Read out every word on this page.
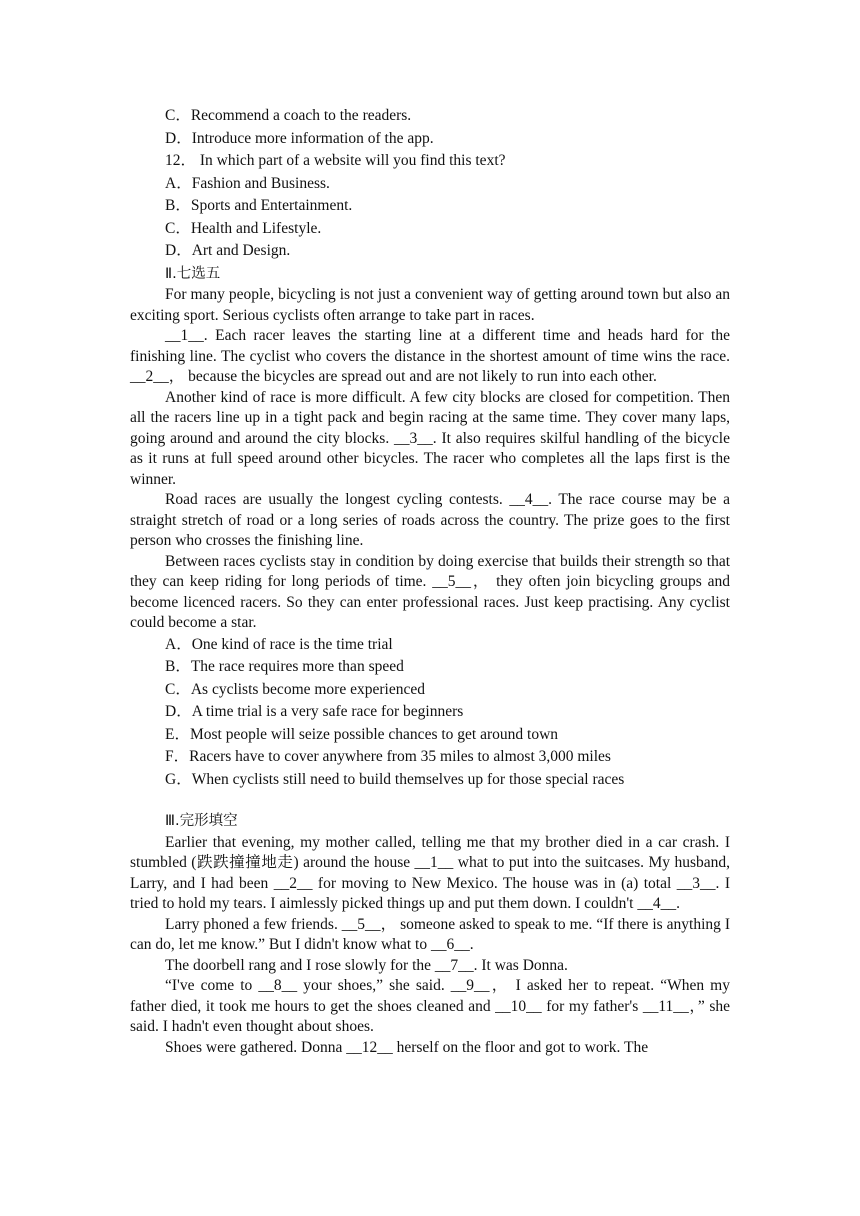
C．Recommend a coach to the readers.
D．Introduce more information of the app.
12． In which part of a website will you find this text?
A．Fashion and Business.
B．Sports and Entertainment.
C．Health and Lifestyle.
D．Art and Design.
Ⅱ.七选五

For many people, bicycling is not just a convenient way of getting around town but also an exciting sport. Serious cyclists often arrange to take part in races.

__1__. Each racer leaves the starting line at a different time and heads hard for the finishing line. The cyclist who covers the distance in the shortest amount of time wins the race. __2__， because the bicycles are spread out and are not likely to run into each other.

Another kind of race is more difficult. A few city blocks are closed for competition. Then all the racers line up in a tight pack and begin racing at the same time. They cover many laps, going around and around the city blocks. __3__. It also requires skilful handling of the bicycle as it runs at full speed around other bicycles. The racer who completes all the laps first is the winner.

Road races are usually the longest cycling contests. __4__. The race course may be a straight stretch of road or a long series of roads across the country. The prize goes to the first person who crosses the finishing line.

Between races cyclists stay in condition by doing exercise that builds their strength so that they can keep riding for long periods of time. __5__， they often join bicycling groups and become licenced racers. So they can enter professional races. Just keep practising. Any cyclist could become a star.

A．One kind of race is the time trial
B．The race requires more than speed
C．As cyclists become more experienced
D．A time trial is a very safe race for beginners
E．Most people will seize possible chances to get around town
F．Racers have to cover anywhere from 35 miles to almost 3,000 miles
G．When cyclists still need to build themselves up for those special races
Ⅲ.完形填空

Earlier that evening, my mother called, telling me that my brother died in a car crash. I stumbled (跌跌撞撞地走) around the house __1__ what to put into the suitcases. My husband, Larry, and I had been __2__ for moving to New Mexico. The house was in (a) total __3__. I tried to hold my tears. I aimlessly picked things up and put them down. I couldn't __4__.

Larry phoned a few friends. __5__， someone asked to speak to me. “If there is anything I can do, let me know.” But I didn't know what to __6__.

The doorbell rang and I rose slowly for the __7__. It was Donna.

“I've come to __8__ your shoes,” she said. __9__， I asked her to repeat. “When my father died, it took me hours to get the shoes cleaned and __10__ for my father's __11__，” she said. I hadn't even thought about shoes.

Shoes were gathered. Donna __12__ herself on the floor and got to work. The
